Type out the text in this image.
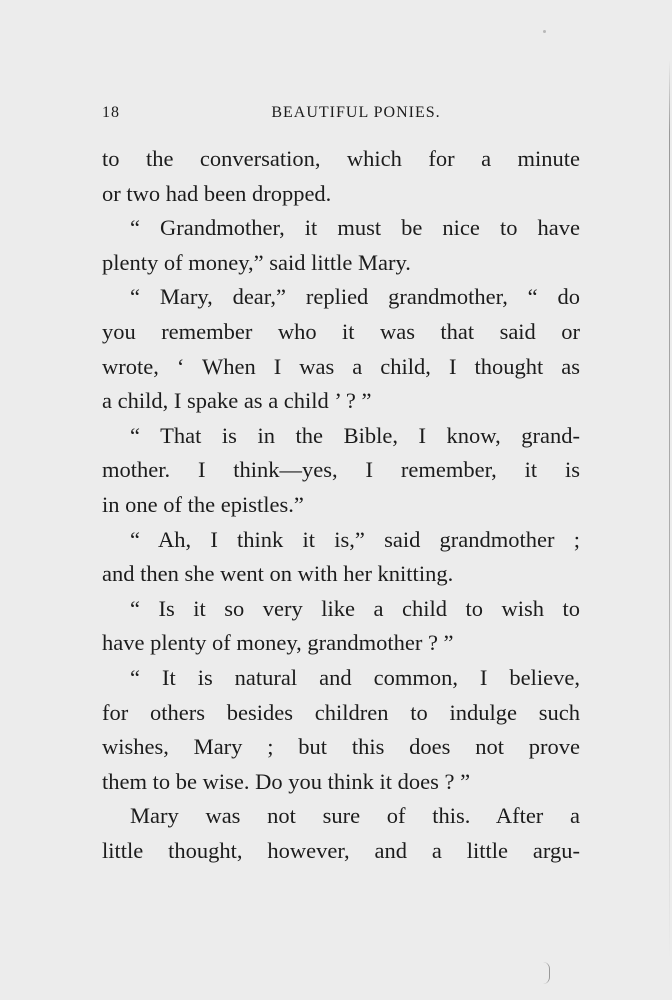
18	BEAUTIFUL PONIES.
to the conversation, which for a minute
or two had been dropped.
“ Grandmother, it must be nice to have
plenty of money,” said little Mary.
“ Mary, dear,” replied grandmother, “ do
you remember who it was that said or
wrote, ‘ When I was a child, I thought as
a child, I spake as a child ’ ? ”
“ That is in the Bible, I know, grand-
mother. I think—yes, I remember, it is
in one of the epistles.”
“ Ah, I think it is,” said grandmother ;
and then she went on with her knitting.
“ Is it so very like a child to wish to
have plenty of money, grandmother ? ”
“ It is natural and common, I believe,
for others besides children to indulge such
wishes, Mary ; but this does not prove
them to be wise. Do you think it does ? ”
Mary was not sure of this. After a
little thought, however, and a little argu-
